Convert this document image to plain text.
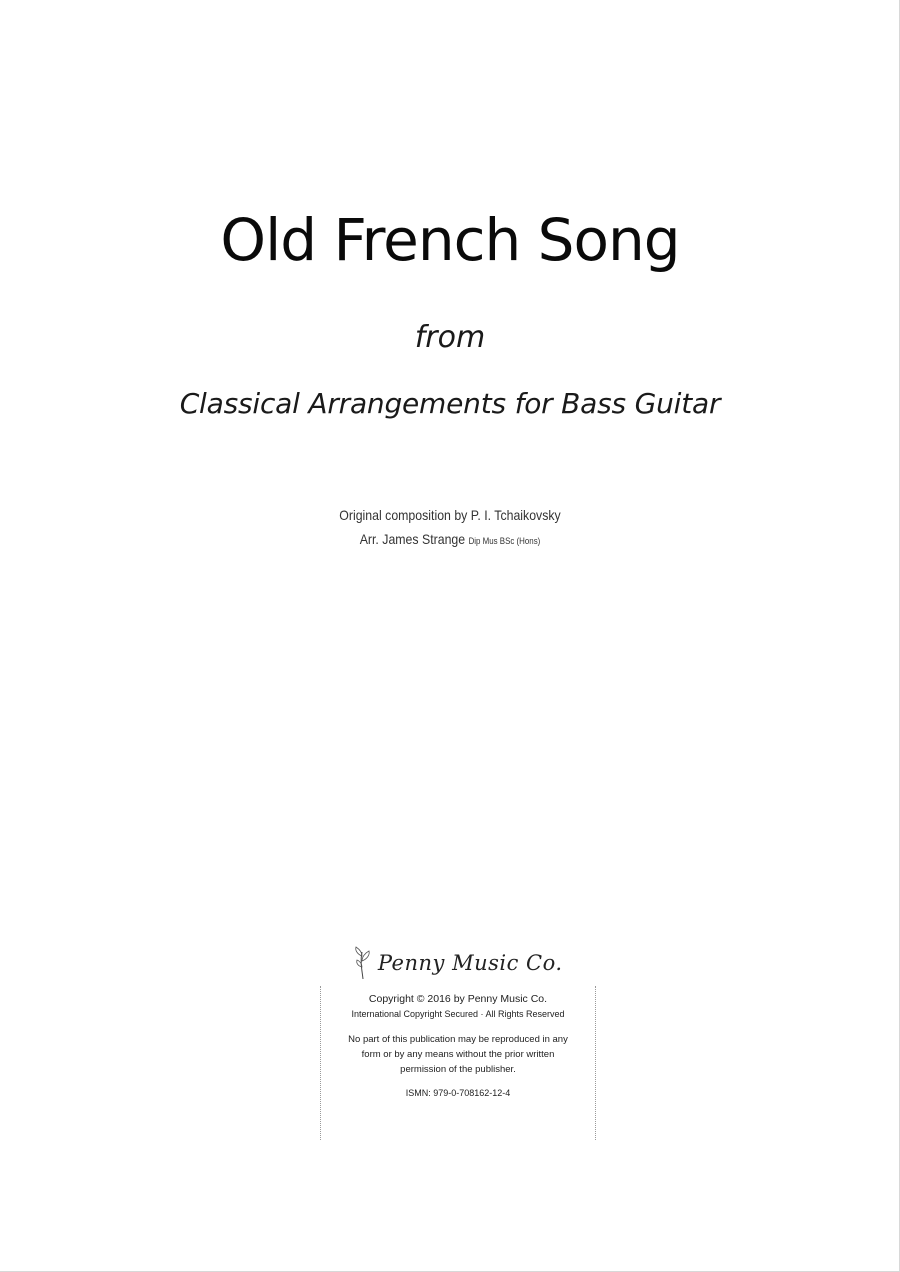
Old French Song
from
Classical Arrangements for Bass Guitar
Original composition by P. I. Tchaikovsky
Arr. James Strange Dip Mus BSc (Hons)
Penny Music Co.

Copyright © 2016 by Penny Music Co.

International Copyright Secured · All Rights Reserved

No part of this publication may be reproduced in any form or by any means without the prior written permission of the publisher.

ISMN: 979-0-708162-12-4
